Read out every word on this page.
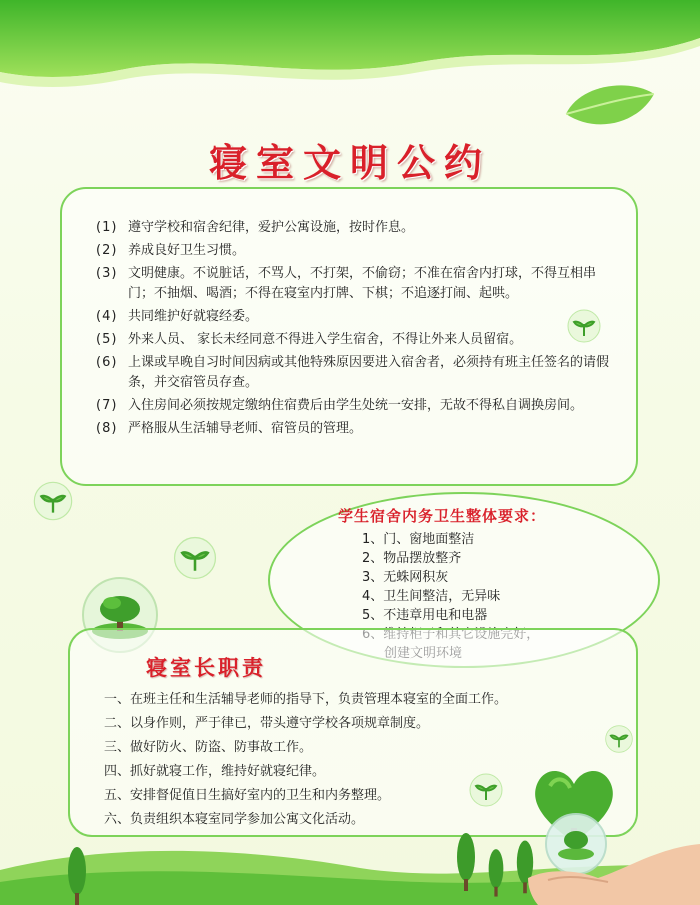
寝室文明公约
(1) 遵守学校和宿舍纪律，爱护公寓设施，按时作息。
(2) 养成良好卫生习惯。
(3) 文明健康。不说脏话，不骂人，不打架，不偷窃；不准在宿舍内打球，不得互相串门；不抽烟、喝酒；不得在寝室内打牌、下棋；不追逐打闹、起哄。
(4) 共同维护好就寝经委。
(5) 外来人员、 家长未经同意不得进入学生宿舍，不得让外来人员留宿。
(6) 上课或早晚自习时间因病或其他特殊原因要进入宿舍者，必须持有班主任签名的请假条，并交宿管员存查。
(7) 入住房间必须按规定缴纳住宿费后由学生处统一安排，无故不得私自调换房间。
(8) 严格服从生活辅导老师、宿管员的管理。
学生宿舍内务卫生整体要求：
1、门、窗地面整洁
2、物品摆放整齐
3、无蛛网积灰
4、卫生间整洁，无异味
5、不违章用电和电器
寝室长职责
一、在班主任和生活辅导老师的指导下，负责管理本寝室的全面工作。
二、以身作则，严于律已，带头遵守学校各项规章制度。
三、做好防火、防盗、防事故工作。
四、抓好就寝工作，维持好就寝纪律。
五、安排督促值日生搞好室内的卫生和内务整理。
六、负责组织本寝室同学参加公寓文化活动。
